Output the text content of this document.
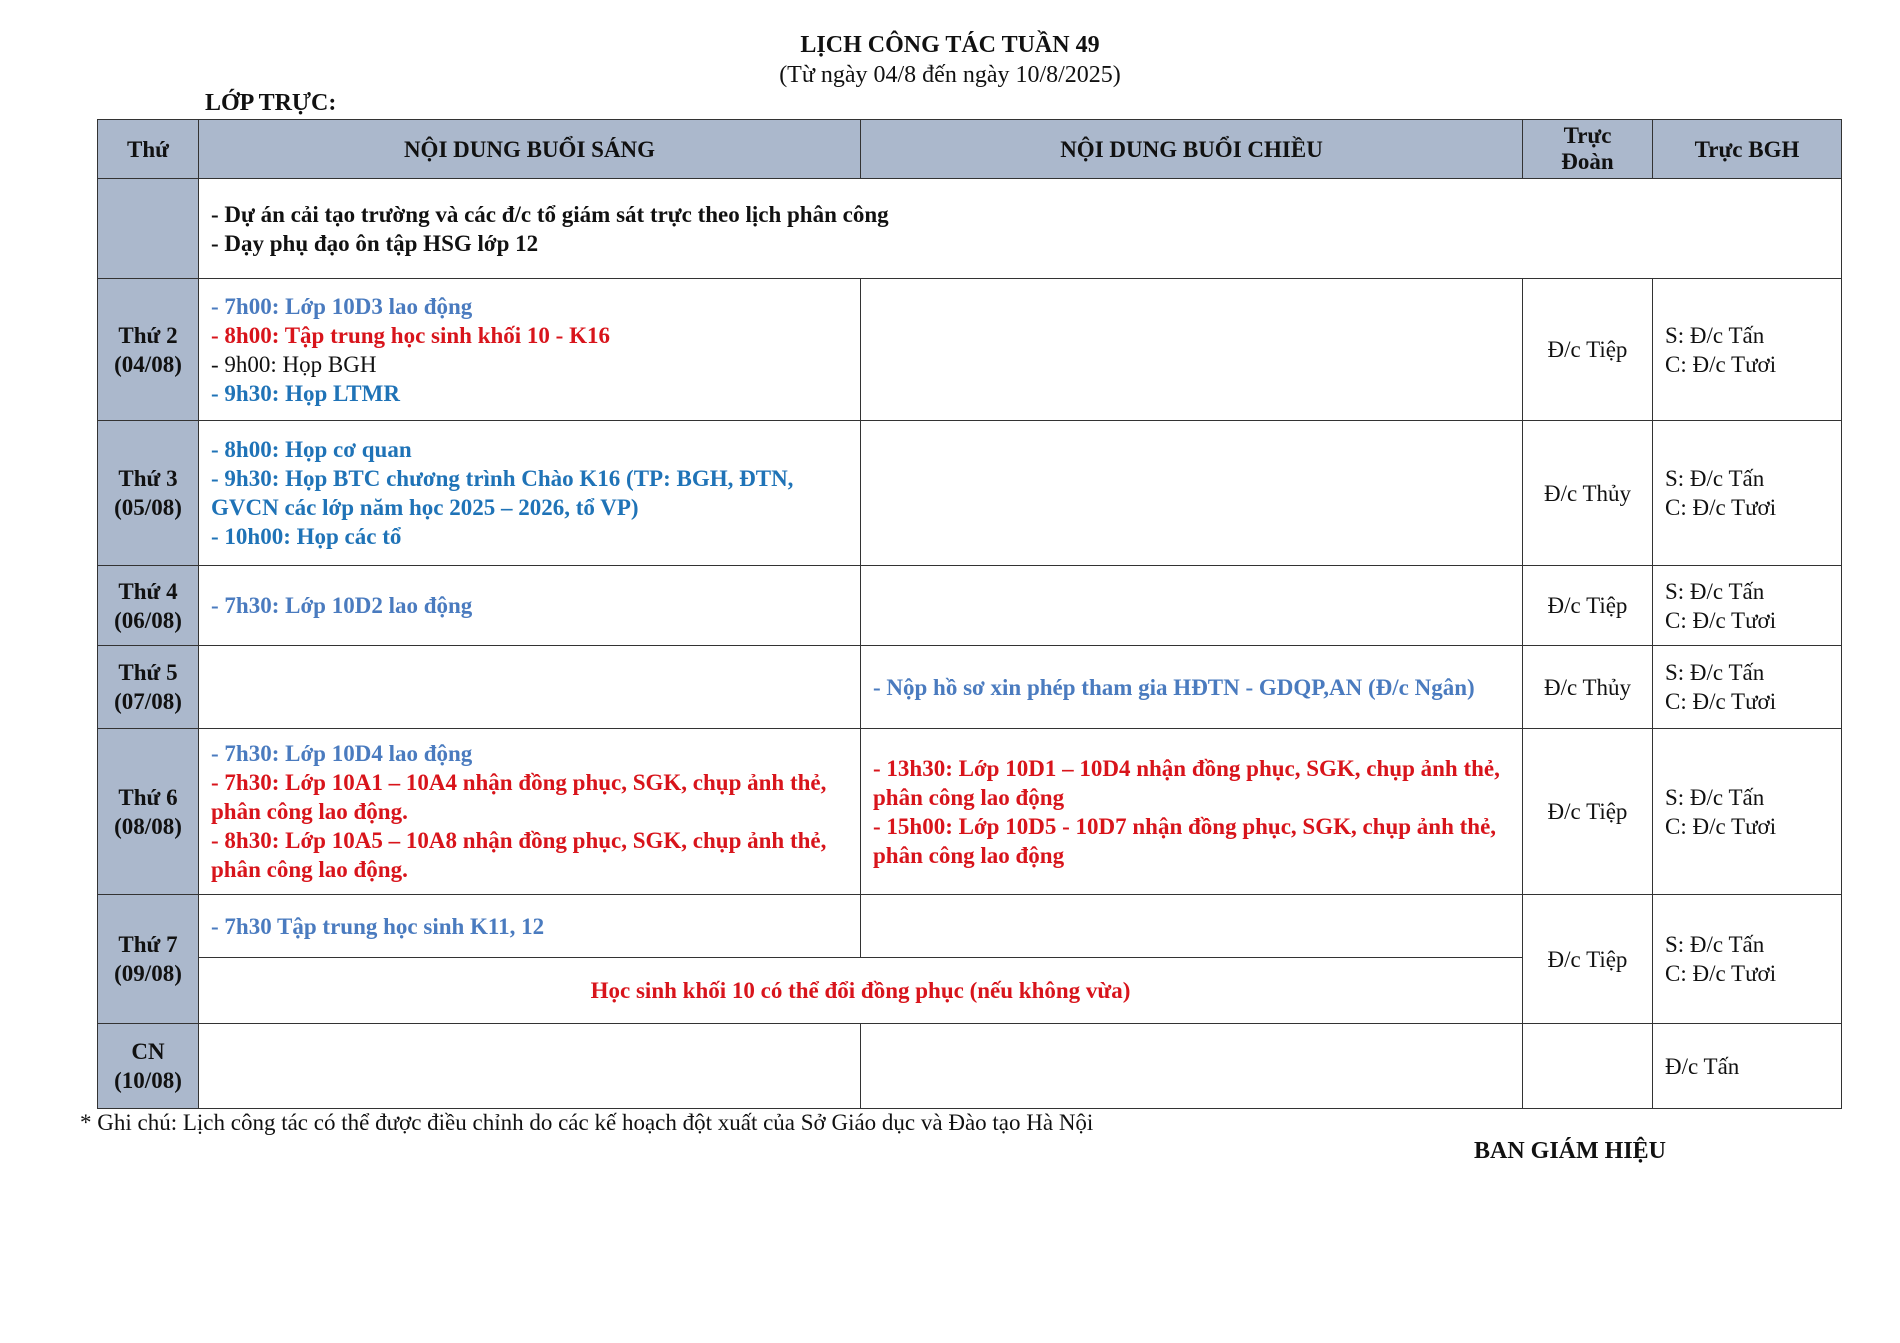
LỊCH CÔNG TÁC TUẦN 49
(Từ ngày 04/8 đến ngày 10/8/2025)
LỚP TRỰC:
Thứ	NỘI DUNG BUỔI SÁNG	NỘI DUNG BUỔI CHIỀU	Trực
Đoàn	Trực BGH

	- Dự án cải tạo trường và các đ/c tổ giám sát trực theo lịch phân công
- Dạy phụ đạo ôn tập HSG lớp 12			

Thứ 2
(04/08)	- 7h00: Lớp 10D3 lao động
- 8h00: Tập trung học sinh khối 10 - K16
- 9h00: Họp BGH
- 9h30: Họp LTMR		Đ/c Tiệp	S: Đ/c Tấn
C: Đ/c Tươi

Thứ 3
(05/08)	- 8h00: Họp cơ quan
- 9h30: Họp BTC chương trình Chào K16 (TP: BGH, ĐTN, GVCN các lớp năm học 2025 – 2026, tổ VP)
- 10h00: Họp các tổ		Đ/c Thủy	S: Đ/c Tấn
C: Đ/c Tươi

Thứ 4
(06/08)	- 7h30: Lớp 10D2 lao động		Đ/c Tiệp	S: Đ/c Tấn
C: Đ/c Tươi

Thứ 5
(07/08)		- Nộp hồ sơ xin phép tham gia HĐTN - GDQP,AN (Đ/c Ngân)	Đ/c Thủy	S: Đ/c Tấn
C: Đ/c Tươi

Thứ 6
(08/08)	- 7h30: Lớp 10D4 lao động
- 7h30: Lớp 10A1 – 10A4 nhận đồng phục, SGK, chụp ảnh thẻ, phân công lao động.
- 8h30: Lớp 10A5 – 10A8 nhận đồng phục, SGK, chụp ảnh thẻ, phân công lao động.	- 13h30: Lớp 10D1 – 10D4 nhận đồng phục, SGK, chụp ảnh thẻ, phân công lao động
- 15h00: Lớp 10D5 - 10D7 nhận đồng phục, SGK, chụp ảnh thẻ, phân công lao động	Đ/c Tiệp	S: Đ/c Tấn
C: Đ/c Tươi

Thứ 7
(09/08)	- 7h30 Tập trung học sinh K11, 12		Đ/c Tiệp	S: Đ/c Tấn
C: Đ/c Tươi

	Học sinh khối 10 có thể đổi đồng phục (nếu không vừa)			

CN
(10/08)				Đ/c Tấn
* Ghi chú: Lịch công tác có thể được điều chỉnh do các kế hoạch đột xuất của Sở Giáo dục và Đào tạo Hà Nội
BAN GIÁM HIỆU
